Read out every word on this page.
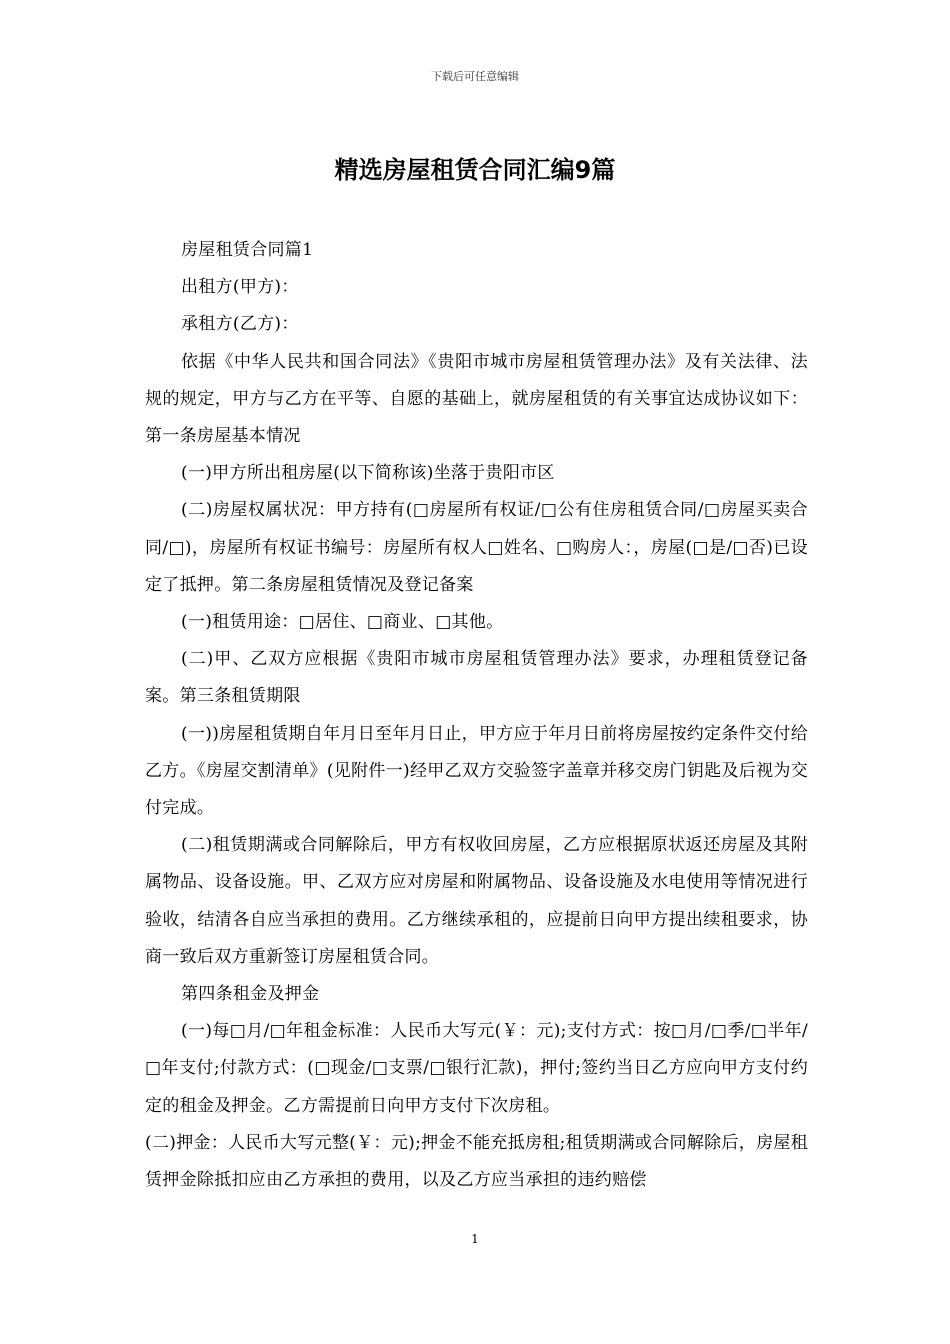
下载后可任意编辑
精选房屋租赁合同汇编9篇

房屋租赁合同篇1

出租方(甲方)：

承租方(乙方)：

依据《中华人民共和国合同法》《贵阳市城市房屋租赁管理办法》及有关法律、法规的规定，甲方与乙方在平等、自愿的基础上，就房屋租赁的有关事宜达成协议如下：第一条房屋基本情况

(一)甲方所出租房屋(以下简称该)坐落于贵阳市区

(二)房屋权属状况：甲方持有(□房屋所有权证/□公有住房租赁合同/□房屋买卖合同/□)，房屋所有权证书编号：房屋所有权人□姓名、□购房人：，房屋(□是/□否)已设定了抵押。第二条房屋租赁情况及登记备案

(一)租赁用途：□居住、□商业、□其他。

(二)甲、乙双方应根据《贵阳市城市房屋租赁管理办法》要求，办理租赁登记备案。第三条租赁期限

(一))房屋租赁期自年月日至年月日止，甲方应于年月日前将房屋按约定条件交付给乙方。《房屋交割清单》(见附件一)经甲乙双方交验签字盖章并移交房门钥匙及后视为交付完成。

(二)租赁期满或合同解除后，甲方有权收回房屋，乙方应根据原状返还房屋及其附属物品、设备设施。甲、乙双方应对房屋和附属物品、设备设施及水电使用等情况进行验收，结清各自应当承担的费用。乙方继续承租的，应提前日向甲方提出续租要求，协商一致后双方重新签订房屋租赁合同。

第四条租金及押金

(一)每□月/□年租金标准：人民币大写元(￥：元);支付方式：按□月/□季/□半年/□年支付;付款方式：(□现金/□支票/□银行汇款)，押付;签约当日乙方应向甲方支付约定的租金及押金。乙方需提前日向甲方支付下次房租。

(二)押金：人民币大写元整(￥：元);押金不能充抵房租;租赁期满或合同解除后，房屋租赁押金除抵扣应由乙方承担的费用，以及乙方应当承担的违约赔偿

1
